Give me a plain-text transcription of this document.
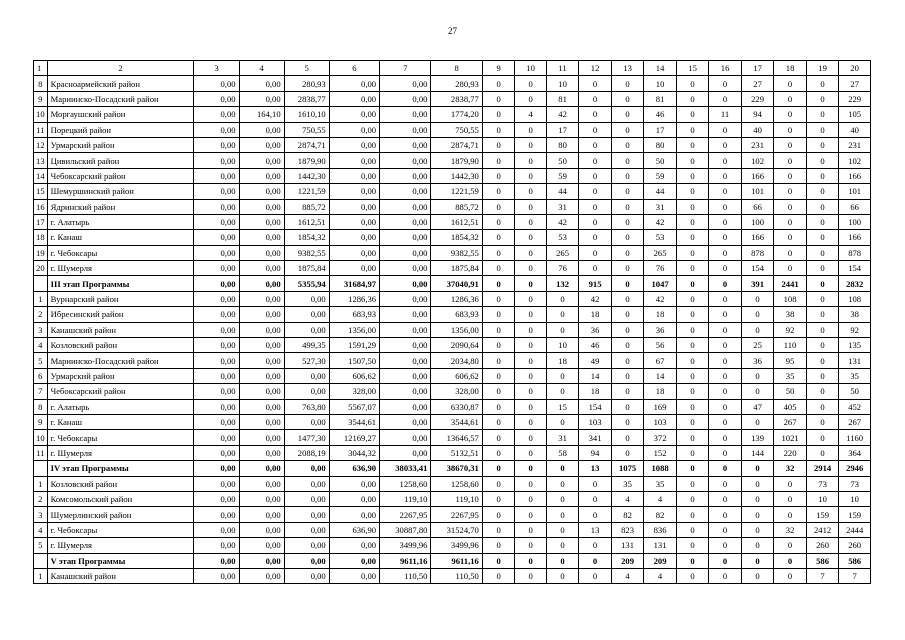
27
1	2	3	4	5	6	7	8	9	10	11	12	13	14	15	16	17	18	19	20
8	Красноармейский район	0,00	0,00	280,93	0,00	0,00	280,93	0	0	10	0	0	10	0	0	27	0	0	27
9	Мариинско-Посадский район	0,00	0,00	2838,77	0,00	0,00	2838,77	0	0	81	0	0	81	0	0	229	0	0	229
10	Моргаушский район	0,00	164,10	1610,10	0,00	0,00	1774,20	0	4	42	0	0	46	0	11	94	0	0	105
11	Порецкий район	0,00	0,00	750,55	0,00	0,00	750,55	0	0	17	0	0	17	0	0	40	0	0	40
12	Урмарский район	0,00	0,00	2874,71	0,00	0,00	2874,71	0	0	80	0	0	80	0	0	231	0	0	231
13	Цивильский район	0,00	0,00	1879,90	0,00	0,00	1879,90	0	0	50	0	0	50	0	0	102	0	0	102
14	Чебоксарский район	0,00	0,00	1442,30	0,00	0,00	1442,30	0	0	59	0	0	59	0	0	166	0	0	166
15	Шемуршинский район	0,00	0,00	1221,59	0,00	0,00	1221,59	0	0	44	0	0	44	0	0	101	0	0	101
16	Ядринский район	0,00	0,00	885,72	0,00	0,00	885,72	0	0	31	0	0	31	0	0	66	0	0	66
17	г. Алатырь	0,00	0,00	1612,51	0,00	0,00	1612,51	0	0	42	0	0	42	0	0	100	0	0	100
18	г. Канаш	0,00	0,00	1854,32	0,00	0,00	1854,32	0	0	53	0	0	53	0	0	166	0	0	166
19	г. Чебоксары	0,00	0,00	9382,55	0,00	0,00	9382,55	0	0	265	0	0	265	0	0	878	0	0	878
20	г. Шумерля	0,00	0,00	1875,84	0,00	0,00	1875,84	0	0	76	0	0	76	0	0	154	0	0	154
	III этап Программы	0,00	0,00	5355,94	31684,97	0,00	37040,91	0	0	132	915	0	1047	0	0	391	2441	0	2832
1	Вурнарский район	0,00	0,00	0,00	1286,36	0,00	1286,36	0	0	0	42	0	42	0	0	0	108	0	108
2	Ибресинский район	0,00	0,00	0,00	683,93	0,00	683,93	0	0	0	18	0	18	0	0	0	38	0	38
3	Канашский район	0,00	0,00	0,00	1356,00	0,00	1356,00	0	0	0	36	0	36	0	0	0	92	0	92
4	Козловский район	0,00	0,00	499,35	1591,29	0,00	2090,64	0	0	10	46	0	56	0	0	25	110	0	135
5	Мариинско-Посадский район	0,00	0,00	527,30	1507,50	0,00	2034,80	0	0	18	49	0	67	0	0	36	95	0	131
6	Урмарский район	0,00	0,00	0,00	606,62	0,00	606,62	0	0	0	14	0	14	0	0	0	35	0	35
7	Чебоксарский район	0,00	0,00	0,00	328,00	0,00	328,00	0	0	0	18	0	18	0	0	0	50	0	50
8	г. Алатырь	0,00	0,00	763,80	5567,07	0,00	6330,87	0	0	15	154	0	169	0	0	47	405	0	452
9	г. Канаш	0,00	0,00	0,00	3544,61	0,00	3544,61	0	0	0	103	0	103	0	0	0	267	0	267
10	г. Чебоксары	0,00	0,00	1477,30	12169,27	0,00	13646,57	0	0	31	341	0	372	0	0	139	1021	0	1160
11	г. Шумерля	0,00	0,00	2088,19	3044,32	0,00	5132,51	0	0	58	94	0	152	0	0	144	220	0	364
	IV этап Программы	0,00	0,00	0,00	636,90	38033,41	38670,31	0	0	0	13	1075	1088	0	0	0	32	2914	2946
1	Козловский район	0,00	0,00	0,00	0,00	1258,60	1258,60	0	0	0	0	35	35	0	0	0	0	73	73
2	Комсомольский район	0,00	0,00	0,00	0,00	119,10	119,10	0	0	0	0	4	4	0	0	0	0	10	10
3	Шумерлинский район	0,00	0,00	0,00	0,00	2267,95	2267,95	0	0	0	0	82	82	0	0	0	0	159	159
4	г. Чебоксары	0,00	0,00	0,00	636,90	30887,80	31524,70	0	0	0	13	823	836	0	0	0	32	2412	2444
5	г. Шумерля	0,00	0,00	0,00	0,00	3499,96	3499,96	0	0	0	0	131	131	0	0	0	0	260	260
	V этап Программы	0,00	0,00	0,00	0,00	9611,16	9611,16	0	0	0	0	209	209	0	0	0	0	586	586
1	Канашский район	0,00	0,00	0,00	0,00	110,50	110,50	0	0	0	0	4	4	0	0	0	0	7	7
